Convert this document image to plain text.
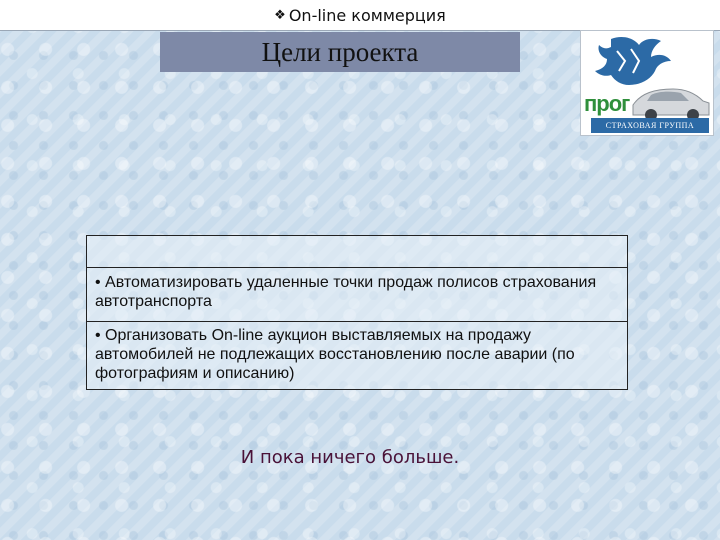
❖ On-line коммерция
Цели проекта
прог
СТРАХОВАЯ ГРУППА
• Автоматизировать удаленные точки продаж полисов страхования автотранспорта
• Организовать On-line аукцион выставляемых на продажу автомобилей не подлежащих восстановлению после аварии (по фотографиям и описанию)
И пока ничего больше.
